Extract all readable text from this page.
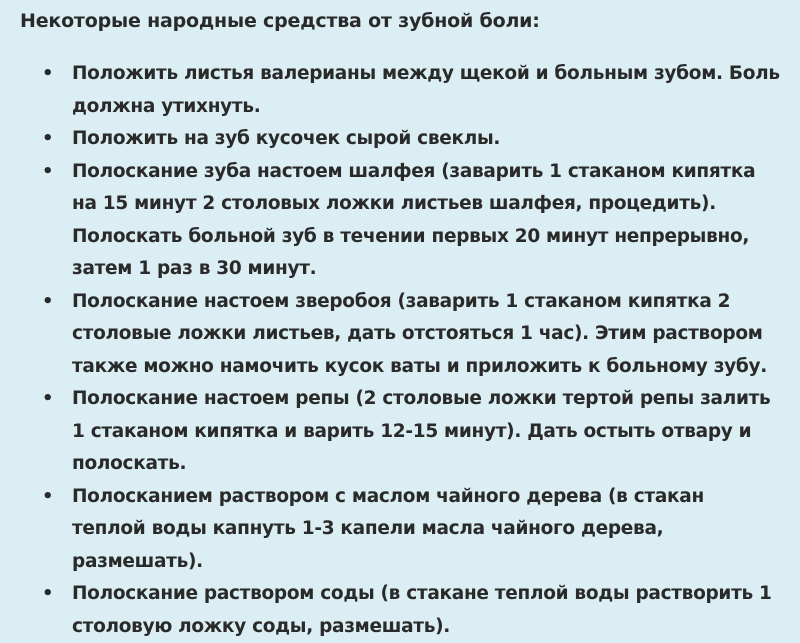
Некоторые народные средства от зубной боли:
• Положить листья валерианы между щекой и больным зубом. Боль должна утихнуть.
• Положить на зуб кусочек сырой свеклы.
• Полоскание зуба настоем шалфея (заварить 1 стаканом кипятка на 15 минут 2 столовых ложки листьев шалфея, процедить). Полоскать больной зуб в течении первых 20 минут непрерывно, затем 1 раз в 30 минут.
• Полоскание настоем зверобоя (заварить 1 стаканом кипятка 2 столовые ложки листьев, дать отстояться 1 час). Этим раствором также можно намочить кусок ваты и приложить к больному зубу.
• Полоскание настоем репы (2 столовые ложки тертой репы залить 1 стаканом кипятка и варить 12-15 минут). Дать остыть отвару и полоскать.
• Полосканием раствором с маслом чайного дерева (в стакан теплой воды капнуть 1-3 капели масла чайного дерева, размешать).
• Полоскание раствором соды (в стакане теплой воды растворить 1 столовую ложку соды, размешать).
